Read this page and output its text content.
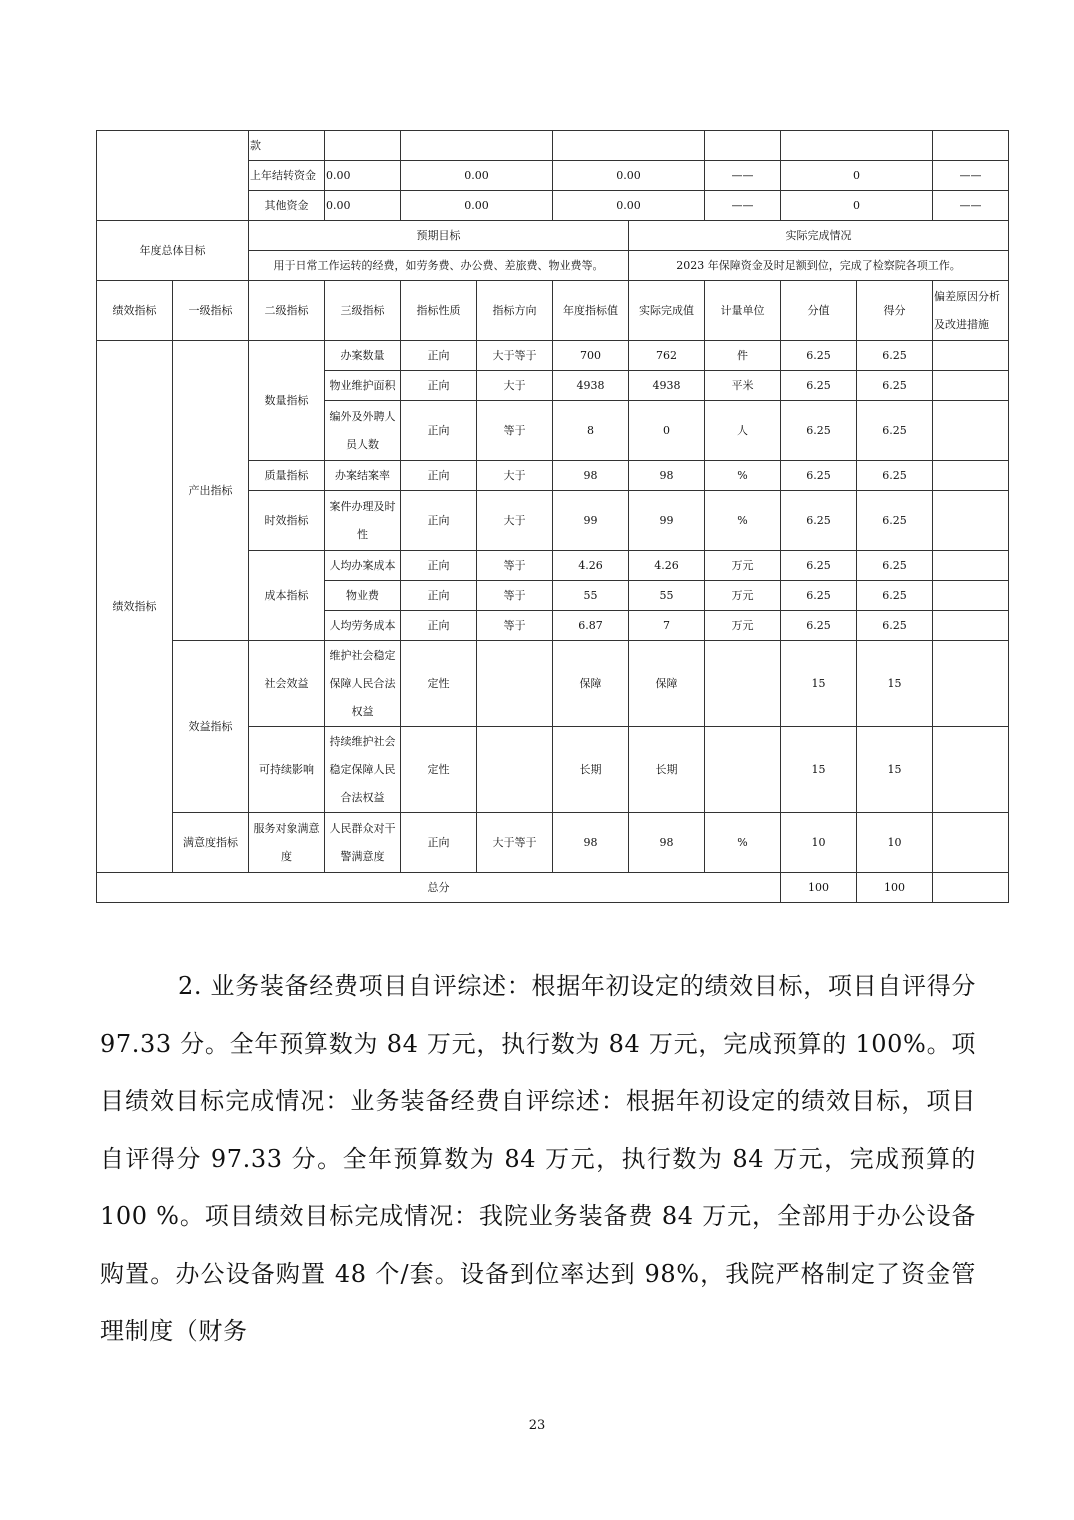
		款									
		上年结转资金	0.00	0.00		0.00		——	0		——
		其他资金	0.00	0.00		0.00		——	0		——
年度总体目标		预期目标					实际完成情况				
		用于日常工作运转的经费，如劳务费、办公费、差旅费、物业费等。					2023 年保障资金及时足额到位，完成了检察院各项工作。				
绩效指标	一级指标	二级指标	三级指标	指标性质	指标方向	年度指标值	实际完成值	计量单位	分值	得分	偏差原因分析及改进措施
绩效指标	产出指标	数量指标	办案数量	正向	大于等于	700	762	件	6.25	6.25	
			物业维护面积	正向	大于	4938	4938	平米	6.25	6.25	
			编外及外聘人员人数	正向	等于	8	0	人	6.25	6.25	
		质量指标	办案结案率	正向	大于	98	98	%	6.25	6.25	
		时效指标	案件办理及时性	正向	大于	99	99	%	6.25	6.25	
		成本指标	人均办案成本	正向	等于	4.26	4.26	万元	6.25	6.25	
			物业费	正向	等于	55	55	万元	6.25	6.25	
			人均劳务成本	正向	等于	6.87	7	万元	6.25	6.25	
	效益指标	社会效益	维护社会稳定保障人民合法权益	定性		保障	保障		15	15	
		可持续影响	持续维护社会稳定保障人民合法权益	定性		长期	长期		15	15	
	满意度指标	服务对象满意度	人民群众对干警满意度	正向	大于等于	98	98	%	10	10	
总分									100	100	

2. 业务装备经费项目自评综述：根据年初设定的绩效目标，项目自评得分 97.33 分。全年预算数为 84 万元，执行数为 84 万元，完成预算的 100%。项目绩效目标完成情况：业务装备经费自评综述：根据年初设定的绩效目标，项目自评得分 97.33 分。全年预算数为 84 万元，执行数为 84 万元，完成预算的 100 %。项目绩效目标完成情况：我院业务装备费 84 万元，全部用于办公设备购置。办公设备购置 48 个/套。设备到位率达到 98%，我院严格制定了资金管理制度（财务

23
